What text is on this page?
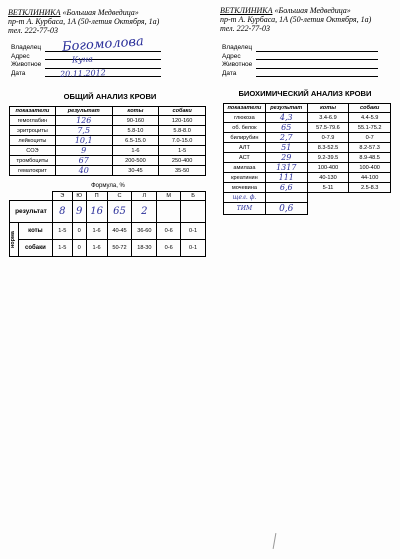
ВЕТКЛИНИКА «Большая Медведица»
пр-т А. Курбаса, 1А (50-летия Октября, 1а)
тел. 222-77-03
ВЕТКЛИНИКА «Большая Медведица»
пр-т А. Курбаса, 1А (50-летия Октября, 1а)
тел. 222-77-03
Владелец
Адрес
Животное
Дата
Богомолова
Куна
20.11.2012
Владелец
Адрес
Животное
Дата
ОБЩИЙ АНАЛИЗ КРОВИ
показатели	результат	коты	собаки
гемоглабин	126	90-160	120-160
эритроциты	7,5	5.8-10	5.8-8.0
лейкоциты	10,1	6.5-15.0	7.0-15.0
СОЭ	9	1-6	1-5
тромбоциты	67	200-500	250-400
гематокрит	40	30-45	35-50
Формула, %
		Э	Ю	П	С	Л	М	Б
результат		8	9	16	65	2		

норма	коты	1-5	0	1-6	40-45	36-60	0-6	0-1
	собаки	1-5	0	1-6	50-72	18-30	0-6	0-1
БИОХИМИЧЕСКИЙ АНАЛИЗ КРОВИ
показатели	результат	коты	собаки
глюкоза	4,3	3.4-6.9	4.4-5.9
об. белок	65	57.5-79.6	55.1-75.2
билирубин	2,7	0-7.9	0-7
АЛТ	51	8.3-52.5	8.2-57.3
АСТ	29	9.2-39.5	8.9-48.5
амилаза	1317	100-400	100-400
креатинин	111	40-130	44-100
мочевина	6,6	5-11	2.5-8.3
щел. ф.			
ТИМ	0,6		
